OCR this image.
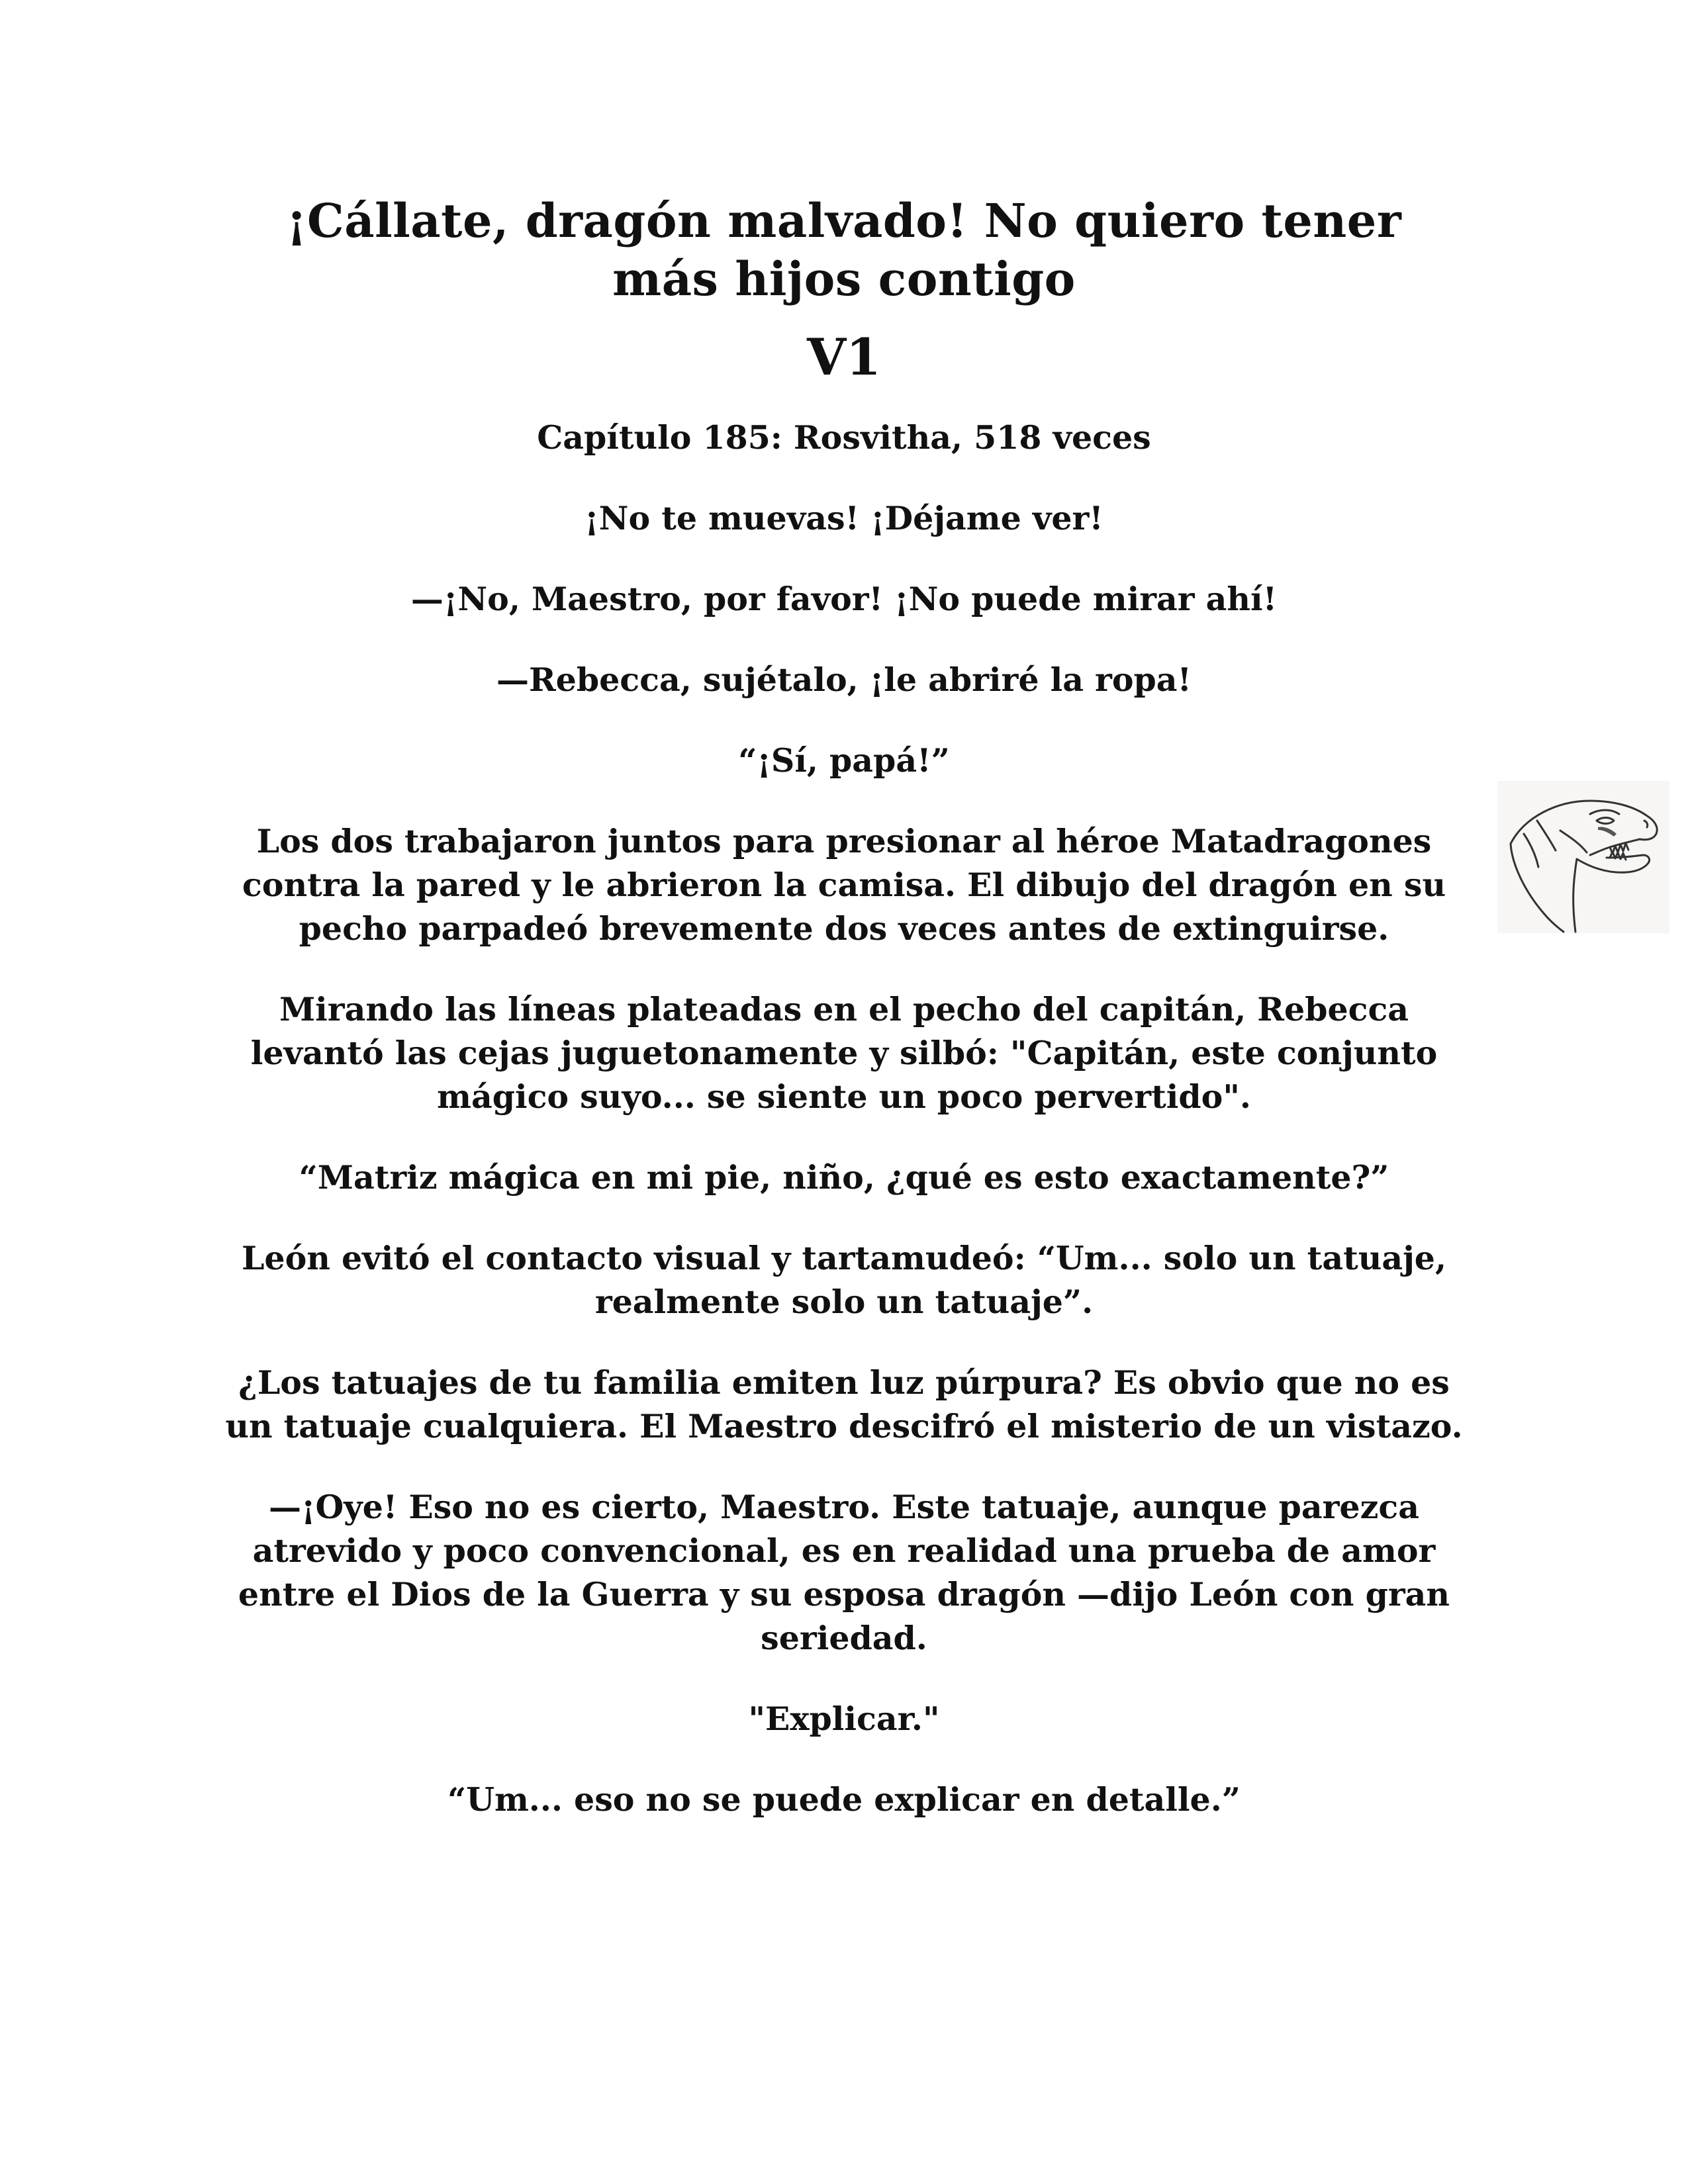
¡Cállate, dragón malvado! No quiero tener
más hijos contigo
V1

Capítulo 185: Rosvitha, 518 veces

¡No te muevas! ¡Déjame ver!

—¡No, Maestro, por favor! ¡No puede mirar ahí!

—Rebecca, sujétalo, ¡le abriré la ropa!

“¡Sí, papá!”

Los dos trabajaron juntos para presionar al héroe Matadragones contra la pared y le abrieron la camisa. El dibujo del dragón en su pecho parpadeó brevemente dos veces antes de extinguirse.

Mirando las líneas plateadas en el pecho del capitán, Rebecca levantó las cejas juguetonamente y silbó: "Capitán, este conjunto mágico suyo... se siente un poco pervertido".

“Matriz mágica en mi pie, niño, ¿qué es esto exactamente?”

León evitó el contacto visual y tartamudeó: “Um... solo un tatuaje, realmente solo un tatuaje”.

¿Los tatuajes de tu familia emiten luz púrpura? Es obvio que no es un tatuaje cualquiera. El Maestro descifró el misterio de un vistazo.

—¡Oye! Eso no es cierto, Maestro. Este tatuaje, aunque parezca atrevido y poco convencional, es en realidad una prueba de amor entre el Dios de la Guerra y su esposa dragón —dijo León con gran seriedad.

"Explicar."

“Um... eso no se puede explicar en detalle.”
